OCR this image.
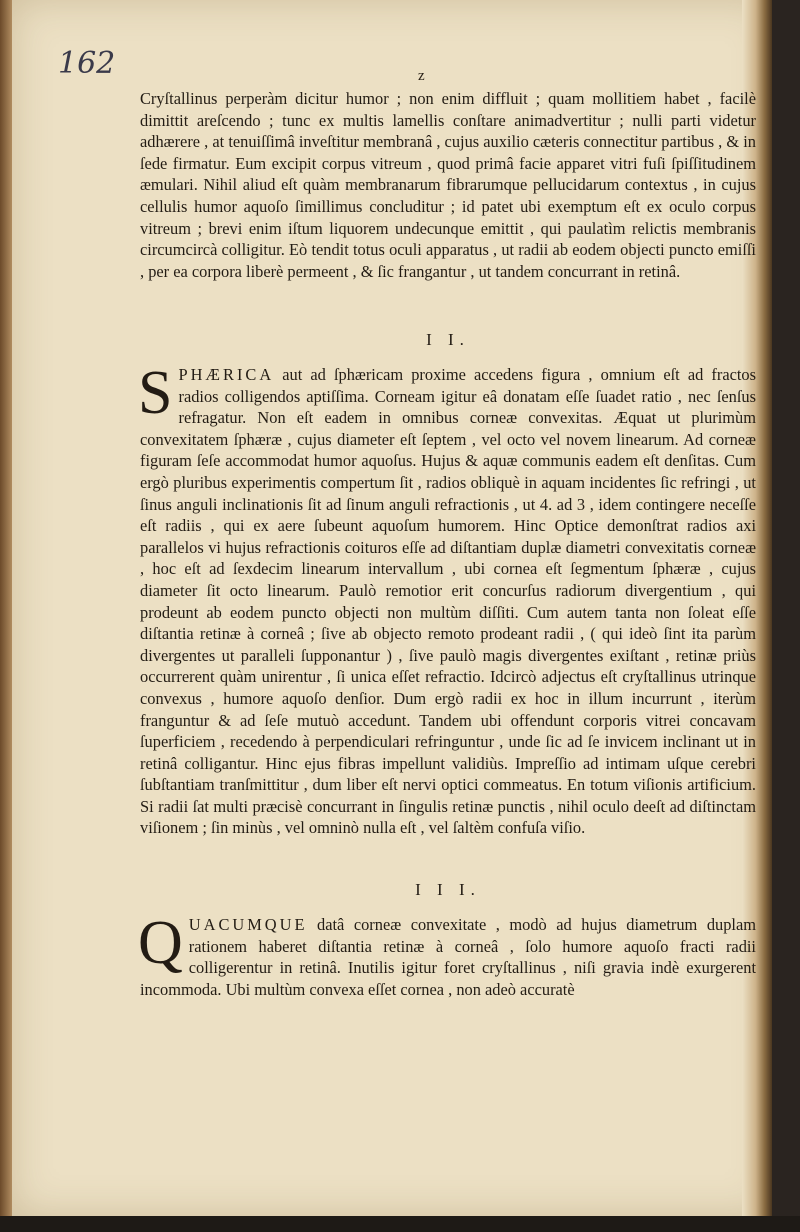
162	z
Cryſtallinus perperàm dicitur humor ; non enim diffluit ; quam mollitiem habet , facilè dimittit areſcendo ; tunc ex multis lamellis conſtare animadvertitur ; nulli parti videtur adhærere , at tenuiſſimâ inveſtitur membranâ , cujus auxilio cæteris connectitur partibus , & in ſede firmatur. Eum excipit corpus vitreum , quod primâ facie apparet vitri fuſi ſpiſſitudinem æmulari. Nihil aliud eſt quàm membranarum fibrarumque pellucidarum contextus , in cujus cellulis humor aquoſo ſimillimus concluditur ; id patet ubi exemptum eſt ex oculo corpus vitreum ; brevi enim iſtum liquorem undecunque emittit , qui paulatìm relictis membranis circumcircà colligitur. Eò tendit totus oculi apparatus , ut radii ab eodem objecti puncto emiſſi , per ea corpora liberè permeent , & ſic frangantur , ut tandem concurrant in retinâ.
I I.
SPHÆRICA aut ad ſphæricam proxime accedens figura , omnium eſt ad fractos radios colligendos aptiſſima. Corneam igitur eâ donatam eſſe ſuadet ratio , nec ſenſus refragatur. Non eſt eadem in omnibus corneæ convexitas. Æquat ut plurimùm convexitatem ſphæræ , cujus diameter eſt ſeptem , vel octo vel novem linearum. Ad corneæ figuram ſeſe accommodat humor aquoſus. Hujus & aquæ communis eadem eſt denſitas. Cum ergò pluribus experimentis compertum ſit , radios obliquè in aquam incidentes ſic refringi , ut ſinus anguli inclinationis ſit ad ſinum anguli refractionis , ut 4. ad 3 , idem contingere neceſſe eſt radiis , qui ex aere ſubeunt aquoſum humorem. Hinc Optice demonſtrat radios axi parallelos vi hujus refractionis coituros eſſe ad diſtantiam duplæ diametri convexitatis corneæ , hoc eſt ad ſexdecim linearum intervallum , ubi cornea eſt ſegmentum ſphæræ , cujus diameter ſit octo linearum. Paulò remotior erit concurſus radiorum divergentium , qui prodeunt ab eodem puncto objecti non multùm diſſiti. Cum autem tanta non ſoleat eſſe diſtantia retinæ à corneâ ; ſive ab objecto remoto prodeant radii , ( qui ideò ſint ita parùm divergentes ut paralleli ſupponantur ) , ſive paulò magis divergentes exiſtant , retinæ priùs occurrerent quàm unirentur , ſi unica eſſet refractio. Idcircò adjectus eſt cryſtallinus utrinque convexus , humore aquoſo denſior. Dum ergò radii ex hoc in illum incurrunt , iterùm franguntur & ad ſeſe mutuò accedunt. Tandem ubi offendunt corporis vitrei concavam ſuperficiem , recedendo à perpendiculari refringuntur , unde ſic ad ſe invicem inclinant ut in retinâ colligantur. Hinc ejus fibras impellunt validiùs. Impreſſio ad intimam uſque cerebri ſubſtantiam tranſmittitur , dum liber eſt nervi optici commeatus. En totum viſionis artificium. Si radii ſat multi præcisè concurrant in ſingulis retinæ punctis , nihil oculo deeſt ad diſtinctam viſionem ; ſin minùs , vel omninò nulla eſt , vel ſaltèm confuſa viſio.
I I I.
QUACUMQUE datâ corneæ convexitate , modò ad hujus diametrum duplam rationem haberet diſtantia retinæ à corneâ , ſolo humore aquoſo fracti radii colligerentur in retinâ. Inutilis igitur foret cryſtallinus , niſi gravia indè exurgerent incommoda. Ubi multùm convexa eſſet cornea , non adeò accuratè
